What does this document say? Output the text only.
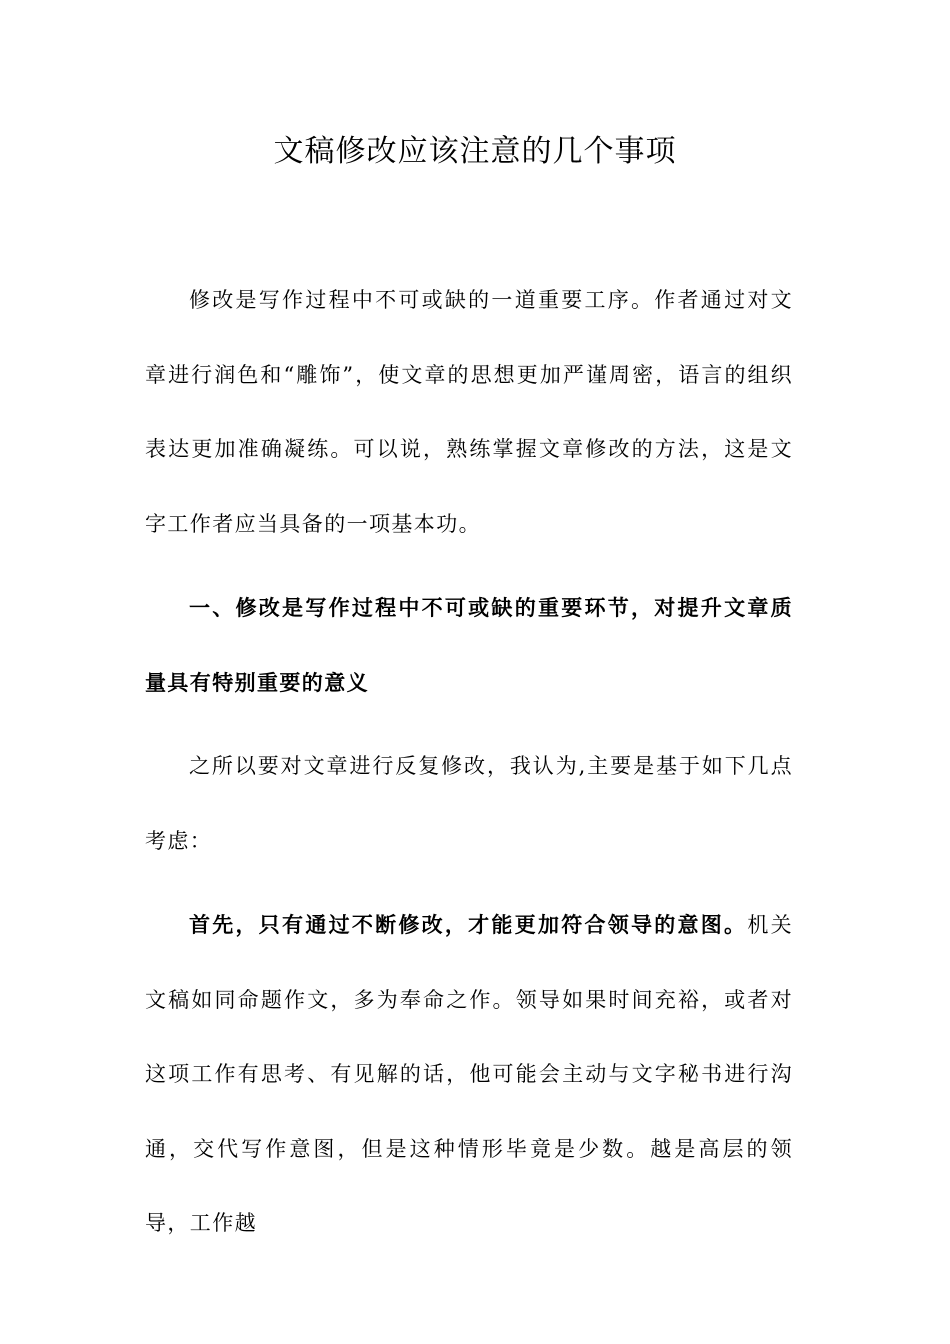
文稿修改应该注意的几个事项

修改是写作过程中不可或缺的一道重要工序。作者通过对文章进行润色和“雕饰”，使文章的思想更加严谨周密，语言的组织表达更加准确凝练。可以说，熟练掌握文章修改的方法，这是文字工作者应当具备的一项基本功。

一、修改是写作过程中不可或缺的重要环节，对提升文章质量具有特别重要的意义

之所以要对文章进行反复修改，我认为,主要是基于如下几点考虑：

首先，只有通过不断修改，才能更加符合领导的意图。机关文稿如同命题作文，多为奉命之作。领导如果时间充裕，或者对这项工作有思考、有见解的话，他可能会主动与文字秘书进行沟通，交代写作意图，但是这种情形毕竟是少数。越是高层的领导，工作越
